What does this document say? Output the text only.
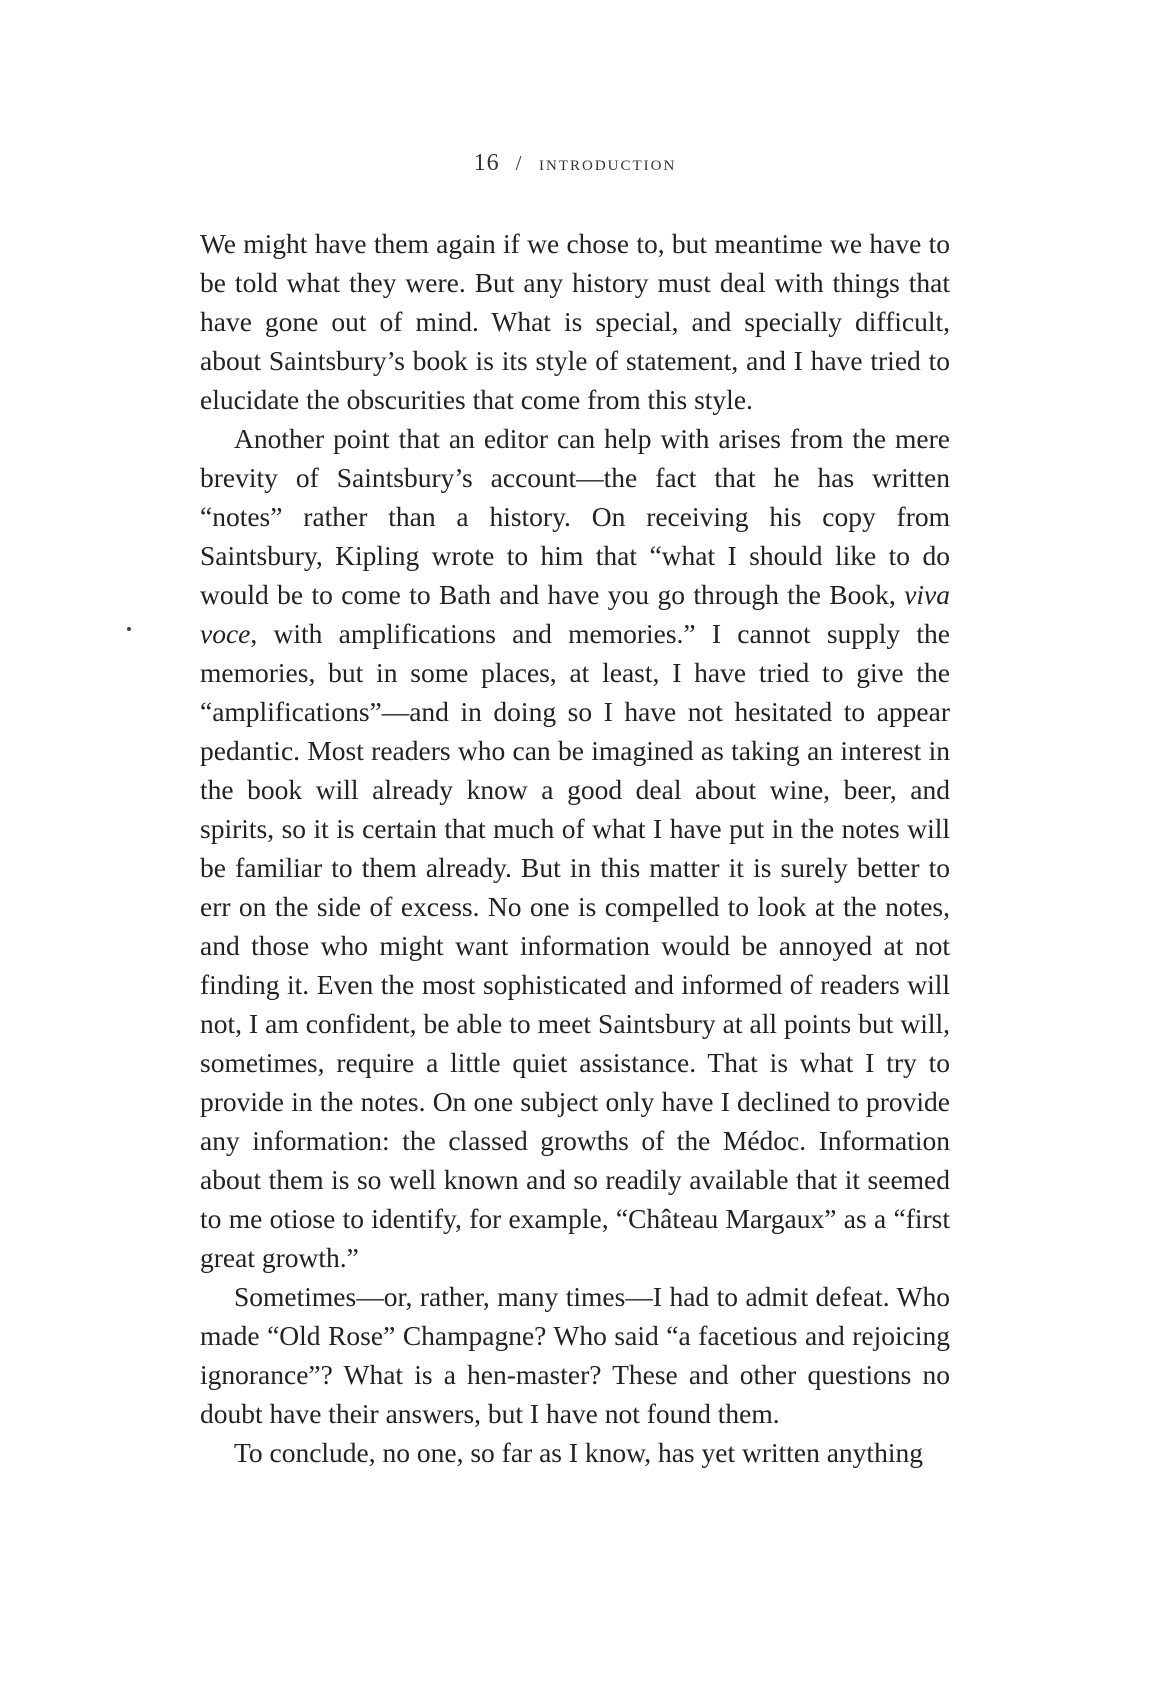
16 / introduction

We might have them again if we chose to, but meantime we have to be told what they were. But any history must deal with things that have gone out of mind. What is special, and specially difficult, about Saintsbury’s book is its style of statement, and I have tried to elucidate the obscurities that come from this style.

Another point that an editor can help with arises from the mere brevity of Saintsbury’s account—the fact that he has written “notes” rather than a history. On receiving his copy from Saintsbury, Kipling wrote to him that “what I should like to do would be to come to Bath and have you go through the Book, viva voce, with amplifications and memories.” I cannot supply the memories, but in some places, at least, I have tried to give the “amplifications”—and in doing so I have not hesitated to appear pedantic. Most readers who can be imagined as taking an interest in the book will already know a good deal about wine, beer, and spirits, so it is certain that much of what I have put in the notes will be familiar to them already. But in this matter it is surely better to err on the side of excess. No one is compelled to look at the notes, and those who might want information would be annoyed at not finding it. Even the most sophisticated and informed of readers will not, I am confident, be able to meet Saintsbury at all points but will, sometimes, require a little quiet assistance. That is what I try to provide in the notes. On one subject only have I declined to provide any information: the classed growths of the Médoc. Information about them is so well known and so readily available that it seemed to me otiose to identify, for example, “Château Margaux” as a “first great growth.”

Sometimes—or, rather, many times—I had to admit defeat. Who made “Old Rose” Champagne? Who said “a facetious and rejoicing ignorance”? What is a hen-master? These and other questions no doubt have their answers, but I have not found them.

To conclude, no one, so far as I know, has yet written anything
